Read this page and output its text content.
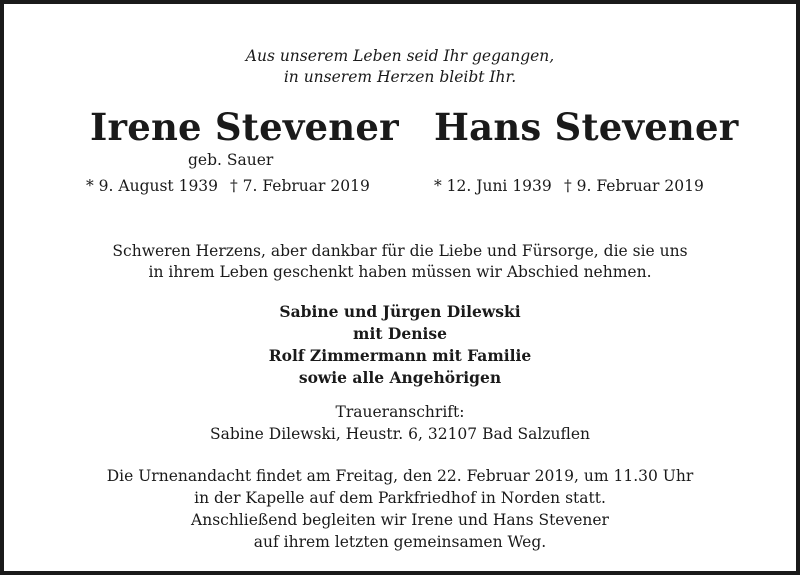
Aus unserem Leben seid Ihr gegangen,
in unserem Herzen bleibt Ihr.
Irene Stevener Hans Stevener
geb. Sauer
* 9. August 1939 † 7. Februar 2019	* 12. Juni 1939 † 9. Februar 2019
Schweren Herzens, aber dankbar für die Liebe und Fürsorge, die sie uns
in ihrem Leben geschenkt haben müssen wir Abschied nehmen.
Sabine und Jürgen Dilewski
mit Denise
Rolf Zimmermann mit Familie
sowie alle Angehörigen
Traueranschrift:
Sabine Dilewski, Heustr. 6, 32107 Bad Salzuflen
Die Urnenandacht findet am Freitag, den 22. Februar 2019, um 11.30 Uhr
in der Kapelle auf dem Parkfriedhof in Norden statt.
Anschließend begleiten wir Irene und Hans Stevener
auf ihrem letzten gemeinsamen Weg.
